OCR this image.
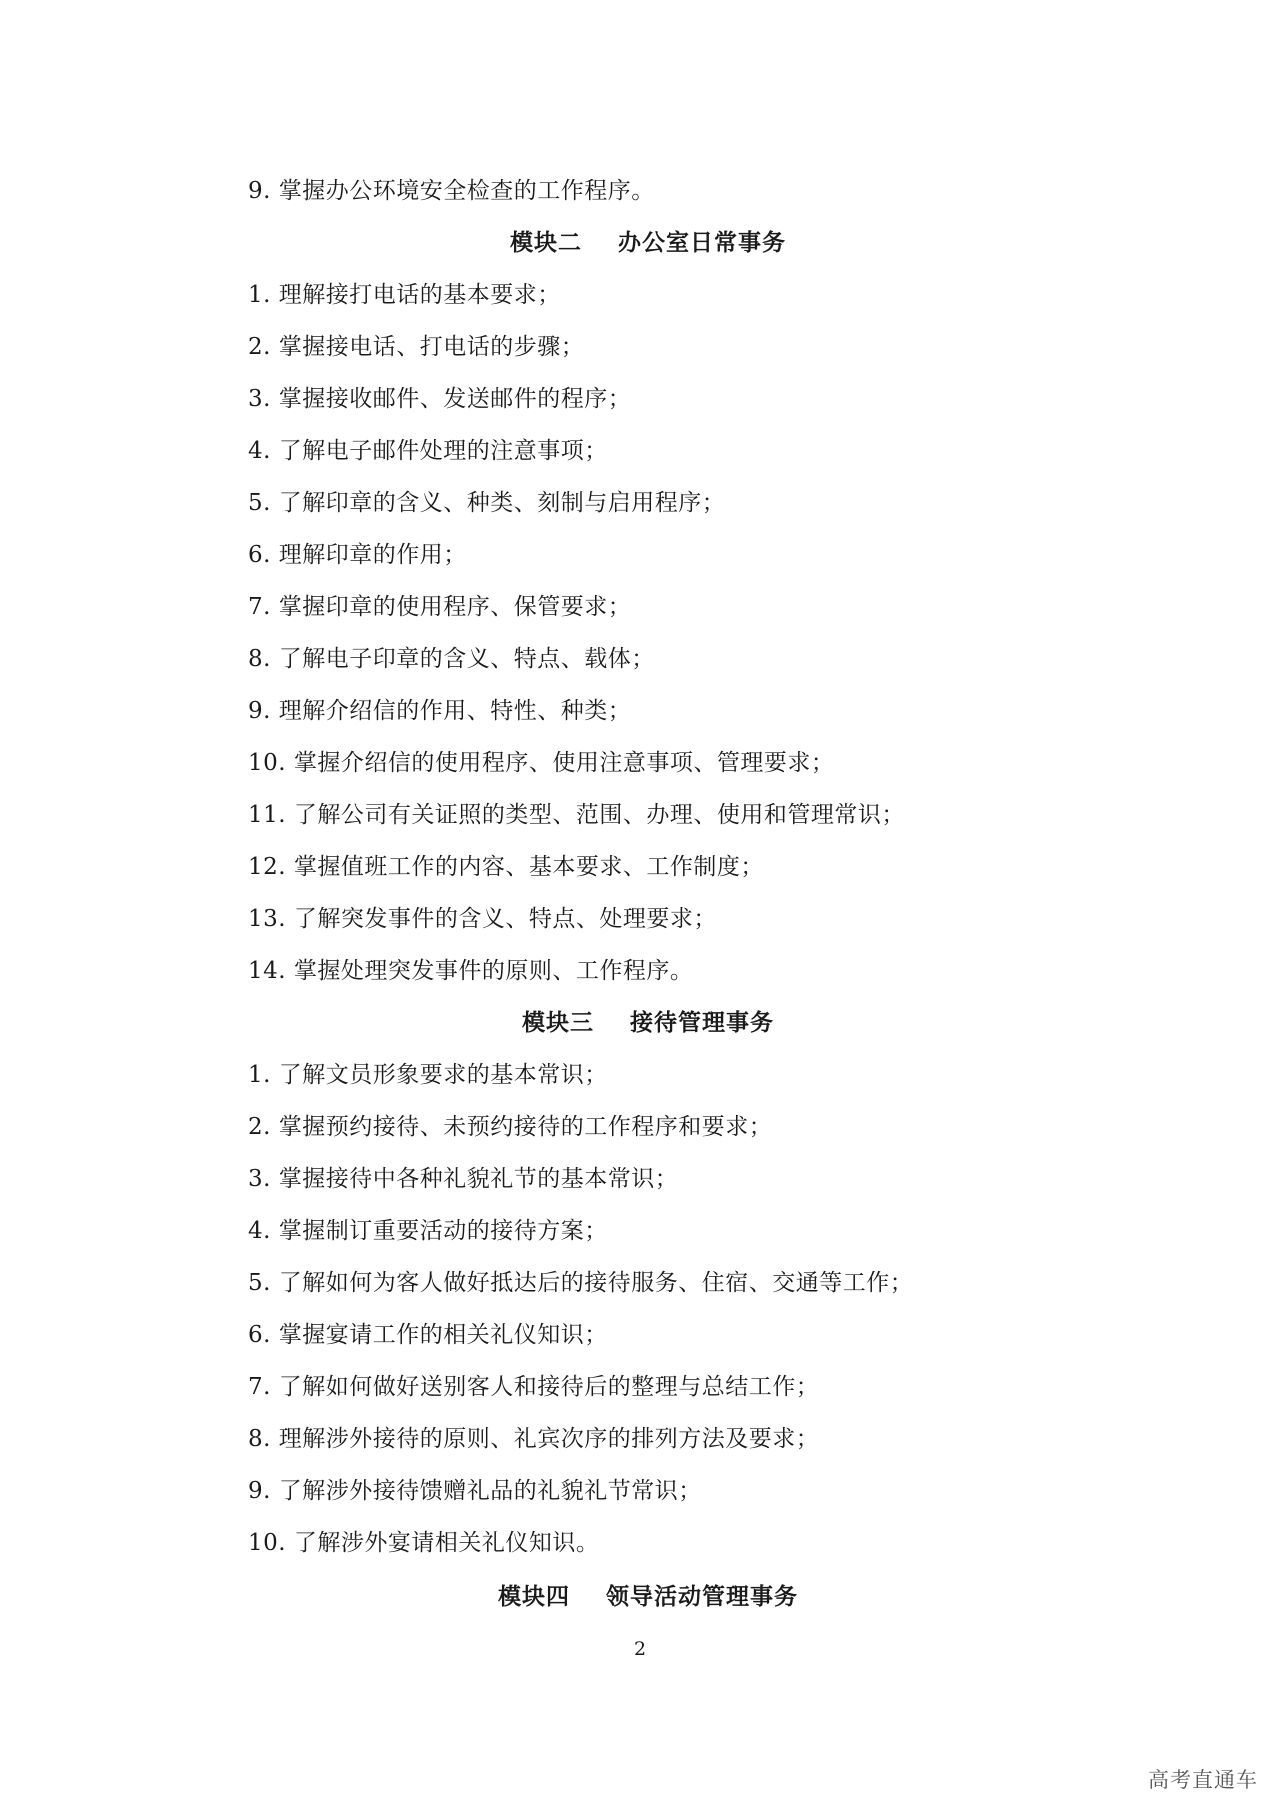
9. 掌握办公环境安全检查的工作程序。
模块二    办公室日常事务
1. 理解接打电话的基本要求；
2. 掌握接电话、打电话的步骤；
3. 掌握接收邮件、发送邮件的程序；
4. 了解电子邮件处理的注意事项；
5. 了解印章的含义、种类、刻制与启用程序；
6. 理解印章的作用；
7. 掌握印章的使用程序、保管要求；
8. 了解电子印章的含义、特点、载体；
9. 理解介绍信的作用、特性、种类；
10. 掌握介绍信的使用程序、使用注意事项、管理要求；
11. 了解公司有关证照的类型、范围、办理、使用和管理常识；
12. 掌握值班工作的内容、基本要求、工作制度；
13. 了解突发事件的含义、特点、处理要求；
14. 掌握处理突发事件的原则、工作程序。
模块三    接待管理事务
1. 了解文员形象要求的基本常识；
2. 掌握预约接待、未预约接待的工作程序和要求；
3. 掌握接待中各种礼貌礼节的基本常识；
4. 掌握制订重要活动的接待方案；
5. 了解如何为客人做好抵达后的接待服务、住宿、交通等工作；
6. 掌握宴请工作的相关礼仪知识；
7. 了解如何做好送别客人和接待后的整理与总结工作；
8. 理解涉外接待的原则、礼宾次序的排列方法及要求；
9. 了解涉外接待馈赠礼品的礼貌礼节常识；
10. 了解涉外宴请相关礼仪知识。
模块四    领导活动管理事务
2
高考直通车
